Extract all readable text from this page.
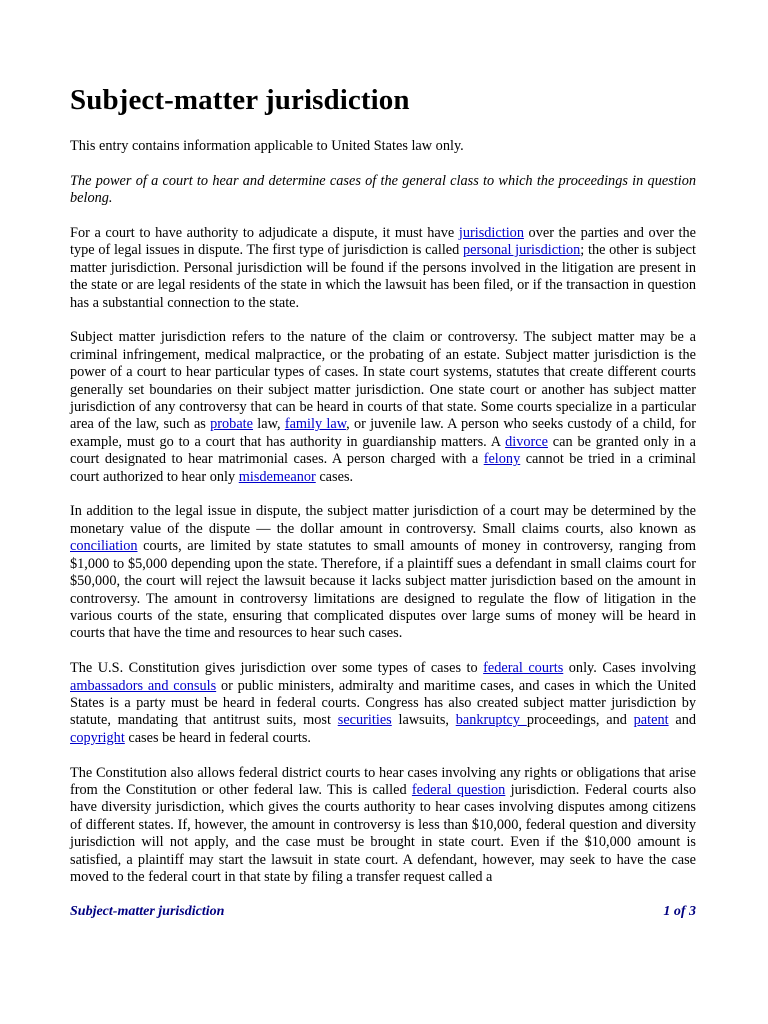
Subject-matter jurisdiction

This entry contains information applicable to United States law only.

The power of a court to hear and determine cases of the general class to which the proceedings in question belong.

For a court to have authority to adjudicate a dispute, it must have jurisdiction over the parties and over the type of legal issues in dispute. The first type of jurisdiction is called personal jurisdiction; the other is subject matter jurisdiction. Personal jurisdiction will be found if the persons involved in the litigation are present in the state or are legal residents of the state in which the lawsuit has been filed, or if the transaction in question has a substantial connection to the state.

Subject matter jurisdiction refers to the nature of the claim or controversy. The subject matter may be a criminal infringement, medical malpractice, or the probating of an estate. Subject matter jurisdiction is the power of a court to hear particular types of cases. In state court systems, statutes that create different courts generally set boundaries on their subject matter jurisdiction. One state court or another has subject matter jurisdiction of any controversy that can be heard in courts of that state. Some courts specialize in a particular area of the law, such as probate law, family law, or juvenile law. A person who seeks custody of a child, for example, must go to a court that has authority in guardianship matters. A divorce can be granted only in a court designated to hear matrimonial cases. A person charged with a felony cannot be tried in a criminal court authorized to hear only misdemeanor cases.

In addition to the legal issue in dispute, the subject matter jurisdiction of a court may be determined by the monetary value of the dispute — the dollar amount in controversy. Small claims courts, also known as conciliation courts, are limited by state statutes to small amounts of money in controversy, ranging from $1,000 to $5,000 depending upon the state. Therefore, if a plaintiff sues a defendant in small claims court for $50,000, the court will reject the lawsuit because it lacks subject matter jurisdiction based on the amount in controversy. The amount in controversy limitations are designed to regulate the flow of litigation in the various courts of the state, ensuring that complicated disputes over large sums of money will be heard in courts that have the time and resources to hear such cases.

The U.S. Constitution gives jurisdiction over some types of cases to federal courts only. Cases involving ambassadors and consuls or public ministers, admiralty and maritime cases, and cases in which the United States is a party must be heard in federal courts. Congress has also created subject matter jurisdiction by statute, mandating that antitrust suits, most securities lawsuits, bankruptcy proceedings, and patent and copyright cases be heard in federal courts.

The Constitution also allows federal district courts to hear cases involving any rights or obligations that arise from the Constitution or other federal law. This is called federal question jurisdiction. Federal courts also have diversity jurisdiction, which gives the courts authority to hear cases involving disputes among citizens of different states. If, however, the amount in controversy is less than $10,000, federal question and diversity jurisdiction will not apply, and the case must be brought in state court. Even if the $10,000 amount is satisfied, a plaintiff may start the lawsuit in state court. A defendant, however, may seek to have the case moved to the federal court in that state by filing a transfer request called a

Subject-matter jurisdiction	1 of 3
